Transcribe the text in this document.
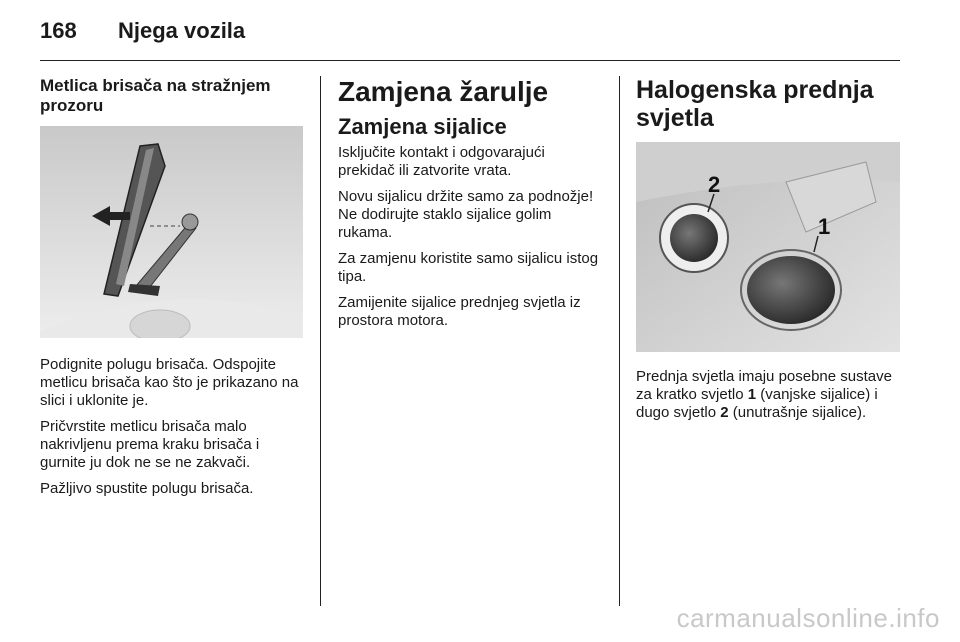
168	Njega vozila
Metlica brisača na stražnjem prozoru

Podignite polugu brisača. Odspojite metlicu brisača kao što je prikazano na slici i uklonite je.

Pričvrstite metlicu brisača malo nakrivljenu prema kraku brisača i gurnite ju dok ne se ne zakvači.

Pažljivo spustite polugu brisača.

Zamjena žarulje
Zamjena sijalice

Isključite kontakt i odgovarajući prekidač ili zatvorite vrata.

Novu sijalicu držite samo za podnožje! Ne dodirujte staklo sijalice golim rukama.

Za zamjenu koristite samo sijalicu istog tipa.

Zamijenite sijalice prednjeg svjetla iz prostora motora.

Halogenska prednja svjetla
2
1

Prednja svjetla imaju posebne sustave za kratko svjetlo 1 (vanjske sijalice) i dugo svjetlo 2 (unutrašnje sijalice).

carmanualsonline.info
